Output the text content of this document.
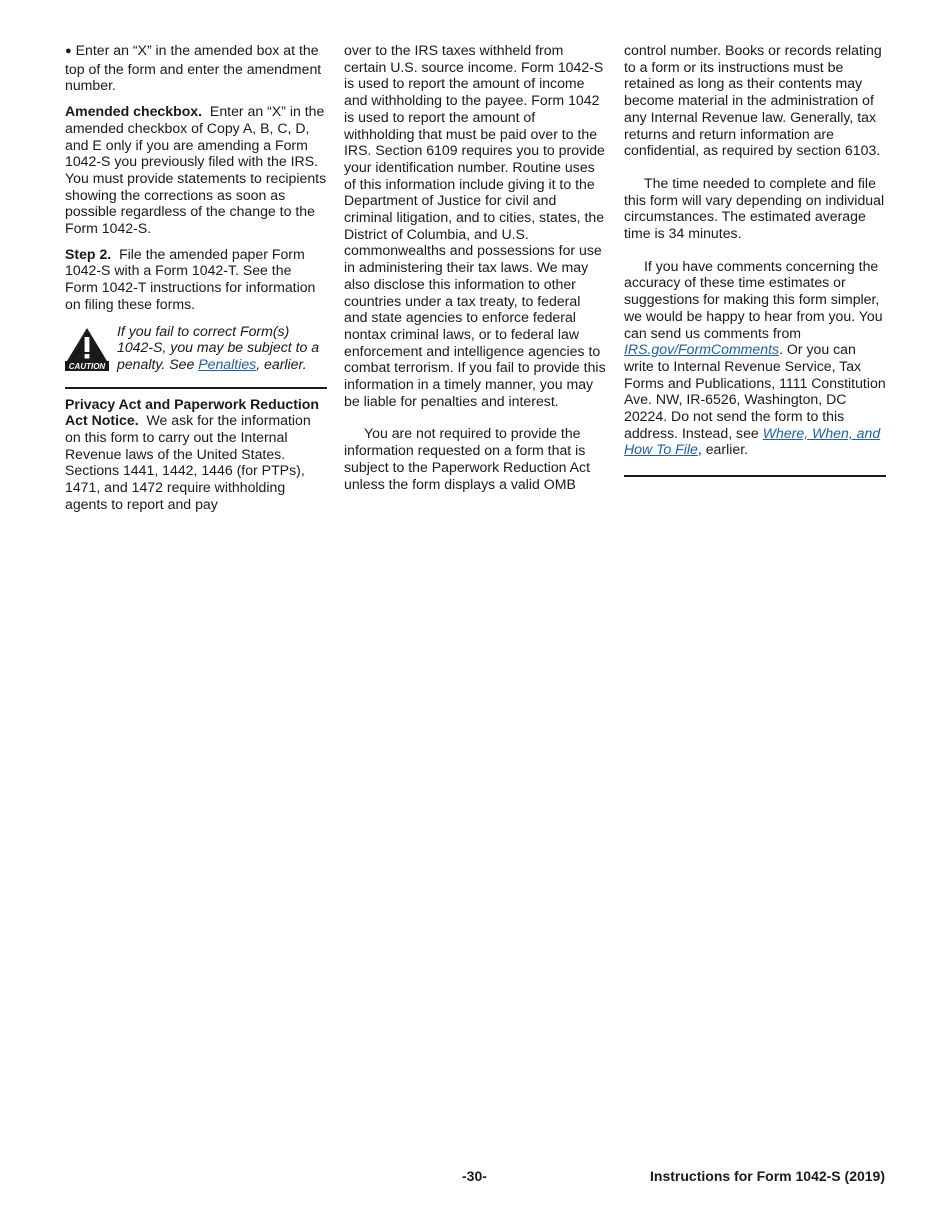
● Enter an “X” in the amended box at the top of the form and enter the amendment number.

Amended checkbox. Enter an “X” in the amended checkbox of Copy A, B, C, D, and E only if you are amending a Form 1042-S you previously filed with the IRS. You must provide statements to recipients showing the corrections as soon as possible regardless of the change to the Form 1042-S.

Step 2. File the amended paper Form 1042-S with a Form 1042-T. See the Form 1042-T instructions for information on filing these forms.

CAUTION
If you fail to correct Form(s) 1042-S, you may be subject to a penalty. See Penalties, earlier.

Privacy Act and Paperwork Reduction Act Notice. We ask for the information on this form to carry out the Internal Revenue laws of the United States. Sections 1441, 1442, 1446 (for PTPs), 1471, and 1472 require withholding agents to report and pay

over to the IRS taxes withheld from certain U.S. source income. Form 1042-S is used to report the amount of income and withholding to the payee. Form 1042 is used to report the amount of withholding that must be paid over to the IRS. Section 6109 requires you to provide your identification number. Routine uses of this information include giving it to the Department of Justice for civil and criminal litigation, and to cities, states, the District of Columbia, and U.S. commonwealths and possessions for use in administering their tax laws. We may also disclose this information to other countries under a tax treaty, to federal and state agencies to enforce federal nontax criminal laws, or to federal law enforcement and intelligence agencies to combat terrorism. If you fail to provide this information in a timely manner, you may be liable for penalties and interest.

You are not required to provide the information requested on a form that is subject to the Paperwork Reduction Act unless the form displays a valid OMB

control number. Books or records relating to a form or its instructions must be retained as long as their contents may become material in the administration of any Internal Revenue law. Generally, tax returns and return information are confidential, as required by section 6103.

The time needed to complete and file this form will vary depending on individual circumstances. The estimated average time is 34 minutes.

If you have comments concerning the accuracy of these time estimates or suggestions for making this form simpler, we would be happy to hear from you. You can send us comments from IRS.gov/FormComments. Or you can write to Internal Revenue Service, Tax Forms and Publications, 1111 Constitution Ave. NW, IR-6526, Washington, DC 20224. Do not send the form to this address. Instead, see Where, When, and How To File, earlier.

-30-	Instructions for Form 1042-S (2019)
